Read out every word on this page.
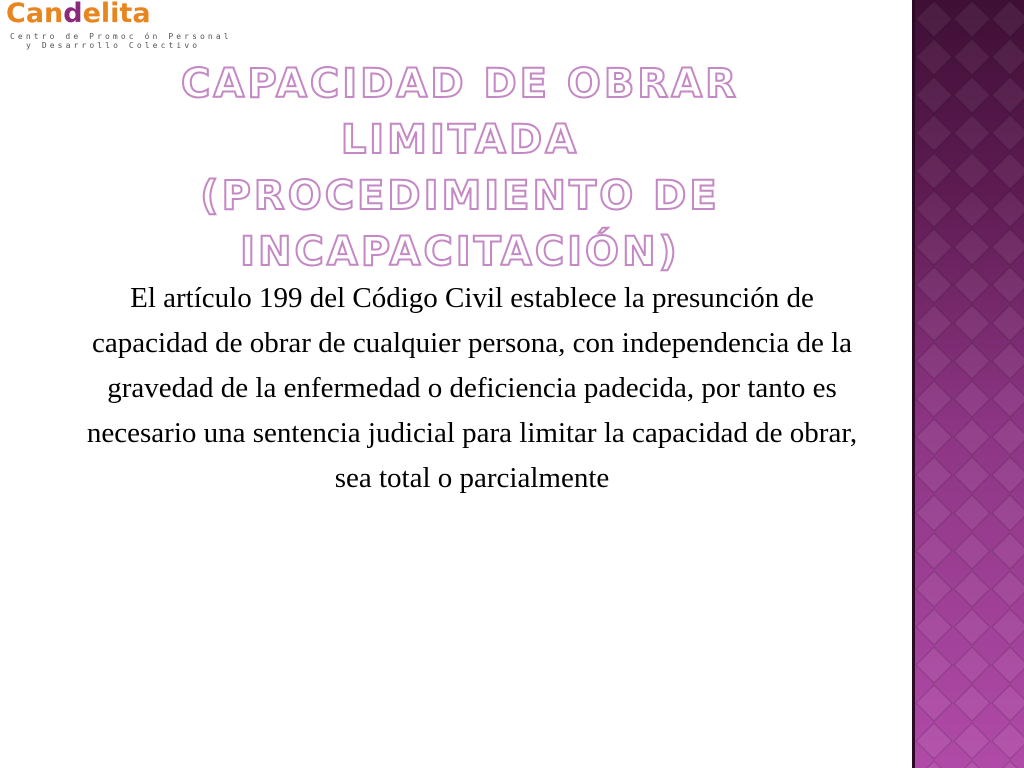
Candelita
Centro de Promoc ón Personal
y Desarrollo Colectivo
CAPACIDAD DE OBRAR LIMITADA
(PROCEDIMIENTO DE
INCAPACITACIÓN)

El artículo 199 del Código Civil establece la presunción de capacidad de obrar de cualquier persona, con independencia de la gravedad de la enfermedad o deficiencia padecida, por tanto es necesario una sentencia judicial para limitar la capacidad de obrar, sea total o parcialmente
